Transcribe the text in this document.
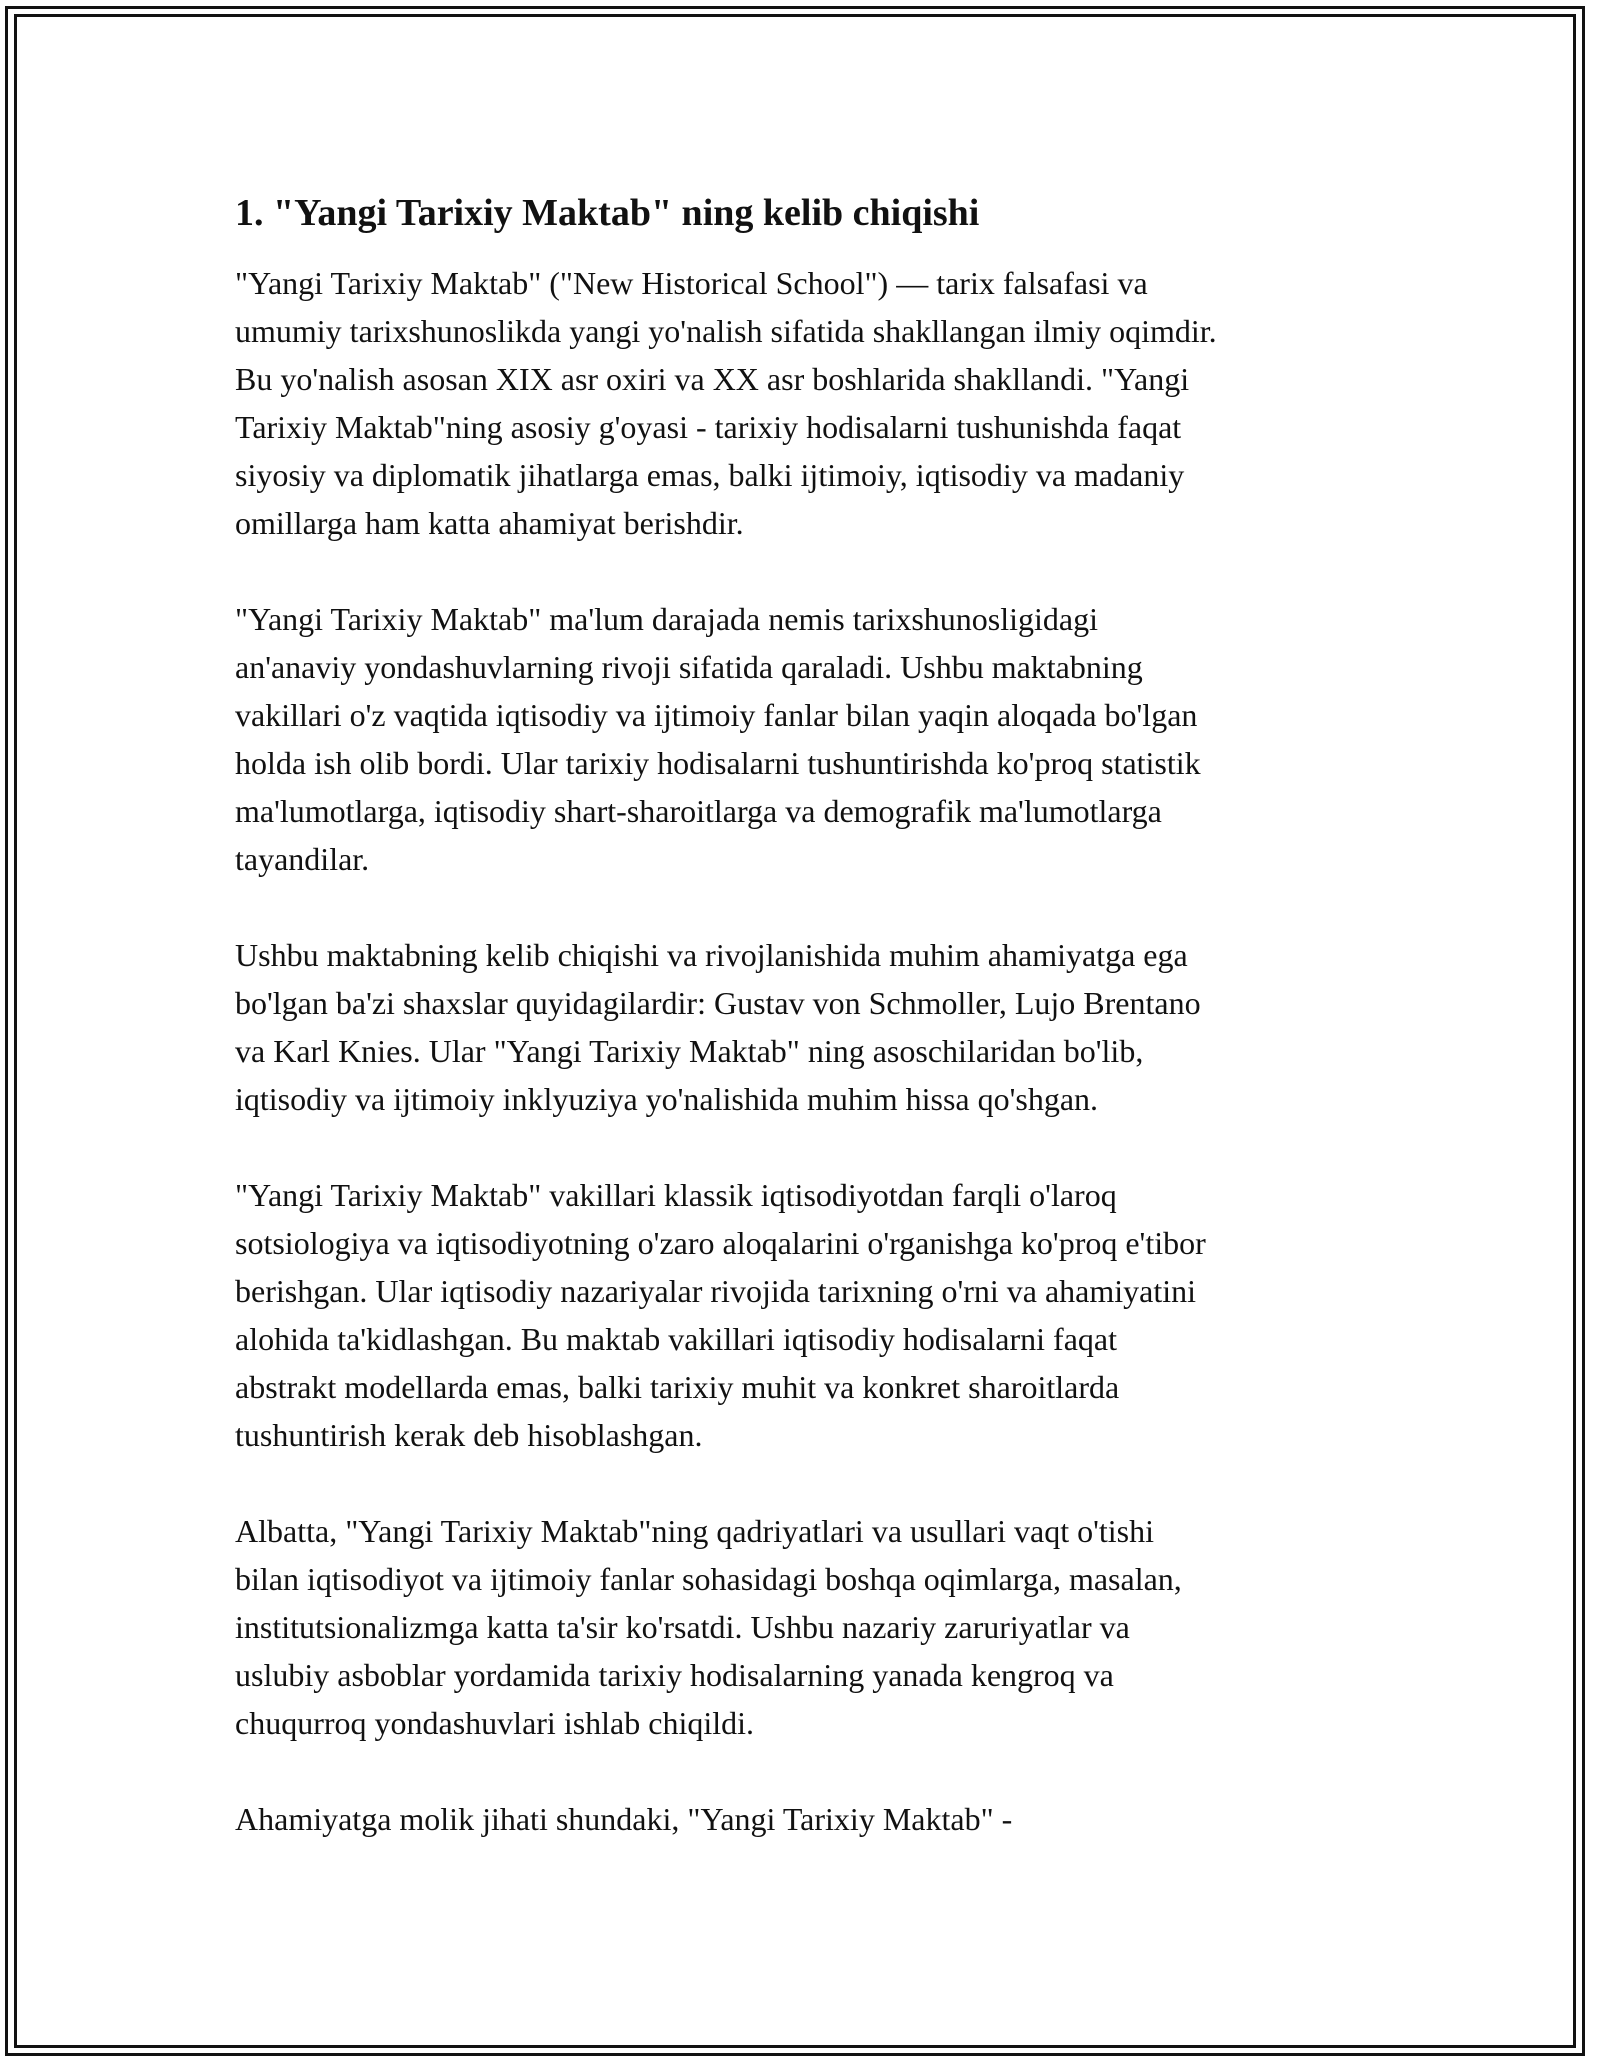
1. "Yangi Tarixiy Maktab" ning kelib chiqishi

"Yangi Tarixiy Maktab" ("New Historical School") — tarix falsafasi va
umumiy tarixshunoslikda yangi yo'nalish sifatida shakllangan ilmiy oqimdir.
Bu yo'nalish asosan XIX asr oxiri va XX asr boshlarida shakllandi. "Yangi
Tarixiy Maktab"ning asosiy g'oyasi - tarixiy hodisalarni tushunishda faqat
siyosiy va diplomatik jihatlarga emas, balki ijtimoiy, iqtisodiy va madaniy
omillarga ham katta ahamiyat berishdir.

"Yangi Tarixiy Maktab" ma'lum darajada nemis tarixshunosligidagi
an'anaviy yondashuvlarning rivoji sifatida qaraladi. Ushbu maktabning
vakillari o'z vaqtida iqtisodiy va ijtimoiy fanlar bilan yaqin aloqada bo'lgan
holda ish olib bordi. Ular tarixiy hodisalarni tushuntirishda ko'proq statistik
ma'lumotlarga, iqtisodiy shart-sharoitlarga va demografik ma'lumotlarga
tayandilar.

Ushbu maktabning kelib chiqishi va rivojlanishida muhim ahamiyatga ega
bo'lgan ba'zi shaxslar quyidagilardir: Gustav von Schmoller, Lujo Brentano
va Karl Knies. Ular "Yangi Tarixiy Maktab" ning asoschilaridan bo'lib,
iqtisodiy va ijtimoiy inklyuziya yo'nalishida muhim hissa qo'shgan.

"Yangi Tarixiy Maktab" vakillari klassik iqtisodiyotdan farqli o'laroq
sotsiologiya va iqtisodiyotning o'zaro aloqalarini o'rganishga ko'proq e'tibor
berishgan. Ular iqtisodiy nazariyalar rivojida tarixning o'rni va ahamiyatini
alohida ta'kidlashgan. Bu maktab vakillari iqtisodiy hodisalarni faqat
abstrakt modellarda emas, balki tarixiy muhit va konkret sharoitlarda
tushuntirish kerak deb hisoblashgan.

Albatta, "Yangi Tarixiy Maktab"ning qadriyatlari va usullari vaqt o'tishi
bilan iqtisodiyot va ijtimoiy fanlar sohasidagi boshqa oqimlarga, masalan,
institutsionalizmga katta ta'sir ko'rsatdi. Ushbu nazariy zaruriyatlar va
uslubiy asboblar yordamida tarixiy hodisalarning yanada kengroq va
chuqurroq yondashuvlari ishlab chiqildi.

Ahamiyatga molik jihati shundaki, "Yangi Tarixiy Maktab" -
